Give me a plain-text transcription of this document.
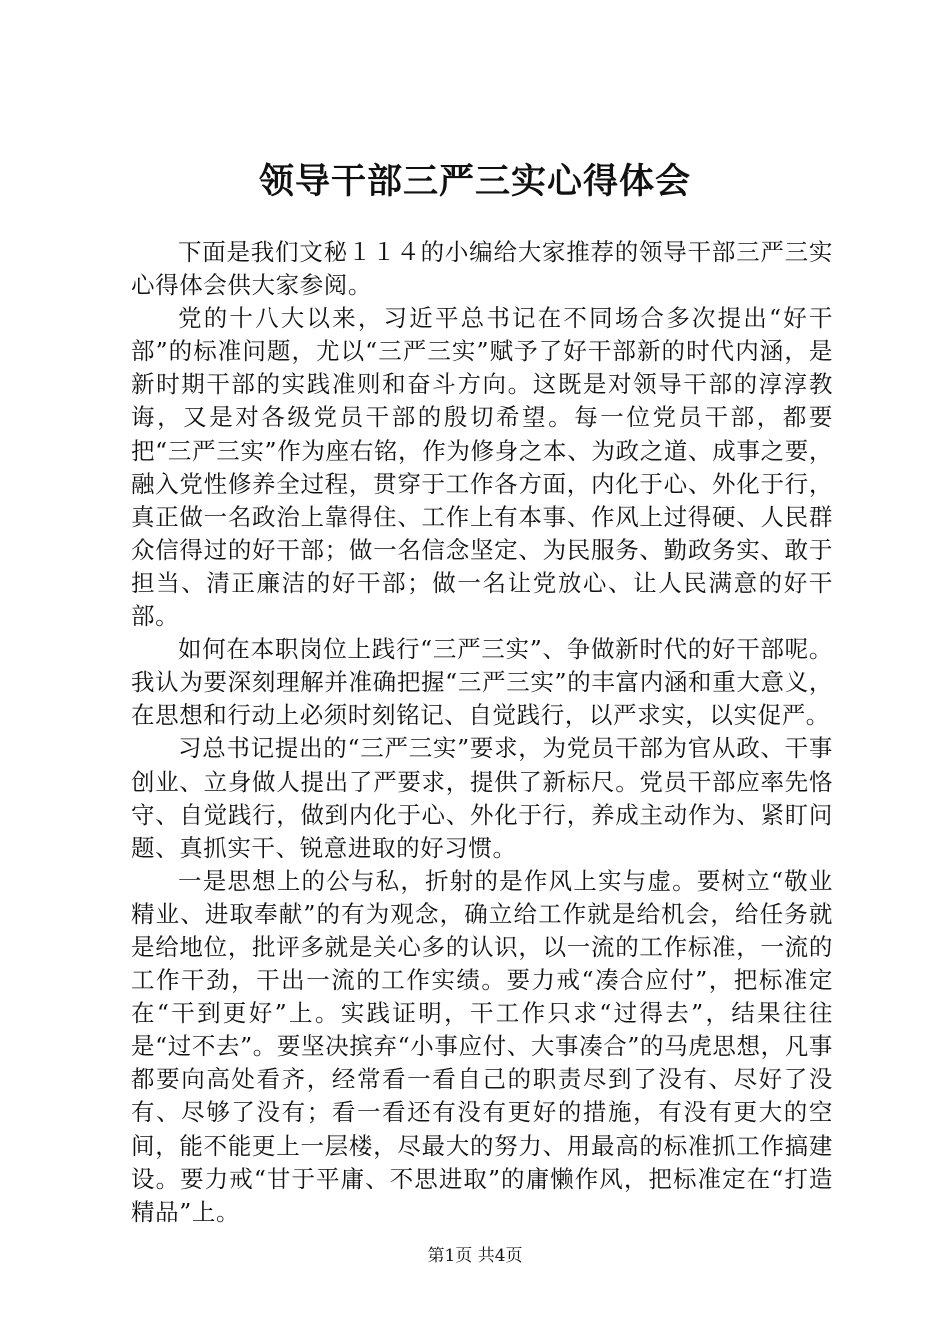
领导干部三严三实心得体会

下面是我们文秘１１４的小编给大家推荐的领导干部三严三实心得体会供大家参阅。

党的十八大以来，习近平总书记在不同场合多次提出“好干部”的标准问题，尤以“三严三实”赋予了好干部新的时代内涵，是新时期干部的实践准则和奋斗方向。这既是对领导干部的淳淳教诲，又是对各级党员干部的殷切希望。每一位党员干部，都要把“三严三实”作为座右铭，作为修身之本、为政之道、成事之要，融入党性修养全过程，贯穿于工作各方面，内化于心、外化于行，真正做一名政治上靠得住、工作上有本事、作风上过得硬、人民群众信得过的好干部；做一名信念坚定、为民服务、勤政务实、敢于担当、清正廉洁的好干部；做一名让党放心、让人民满意的好干部。

如何在本职岗位上践行“三严三实”、争做新时代的好干部呢。我认为要深刻理解并准确把握“三严三实”的丰富内涵和重大意义，在思想和行动上必须时刻铭记、自觉践行，以严求实，以实促严。

习总书记提出的“三严三实”要求，为党员干部为官从政、干事创业、立身做人提出了严要求，提供了新标尺。党员干部应率先恪守、自觉践行，做到内化于心、外化于行，养成主动作为、紧盯问题、真抓实干、锐意进取的好习惯。

一是思想上的公与私，折射的是作风上实与虚。要树立“敬业精业、进取奉献”的有为观念，确立给工作就是给机会，给任务就是给地位，批评多就是关心多的认识，以一流的工作标准，一流的工作干劲，干出一流的工作实绩。要力戒“凑合应付”，把标准定在“干到更好”上。实践证明，干工作只求“过得去”，结果往往是“过不去”。要坚决摈弃“小事应付、大事凑合”的马虎思想，凡事都要向高处看齐，经常看一看自己的职责尽到了没有、尽好了没有、尽够了没有；看一看还有没有更好的措施，有没有更大的空间，能不能更上一层楼，尽最大的努力、用最高的标准抓工作搞建设。要力戒“甘于平庸、不思进取”的庸懒作风，把标准定在“打造精品”上。

第1页 共4页
